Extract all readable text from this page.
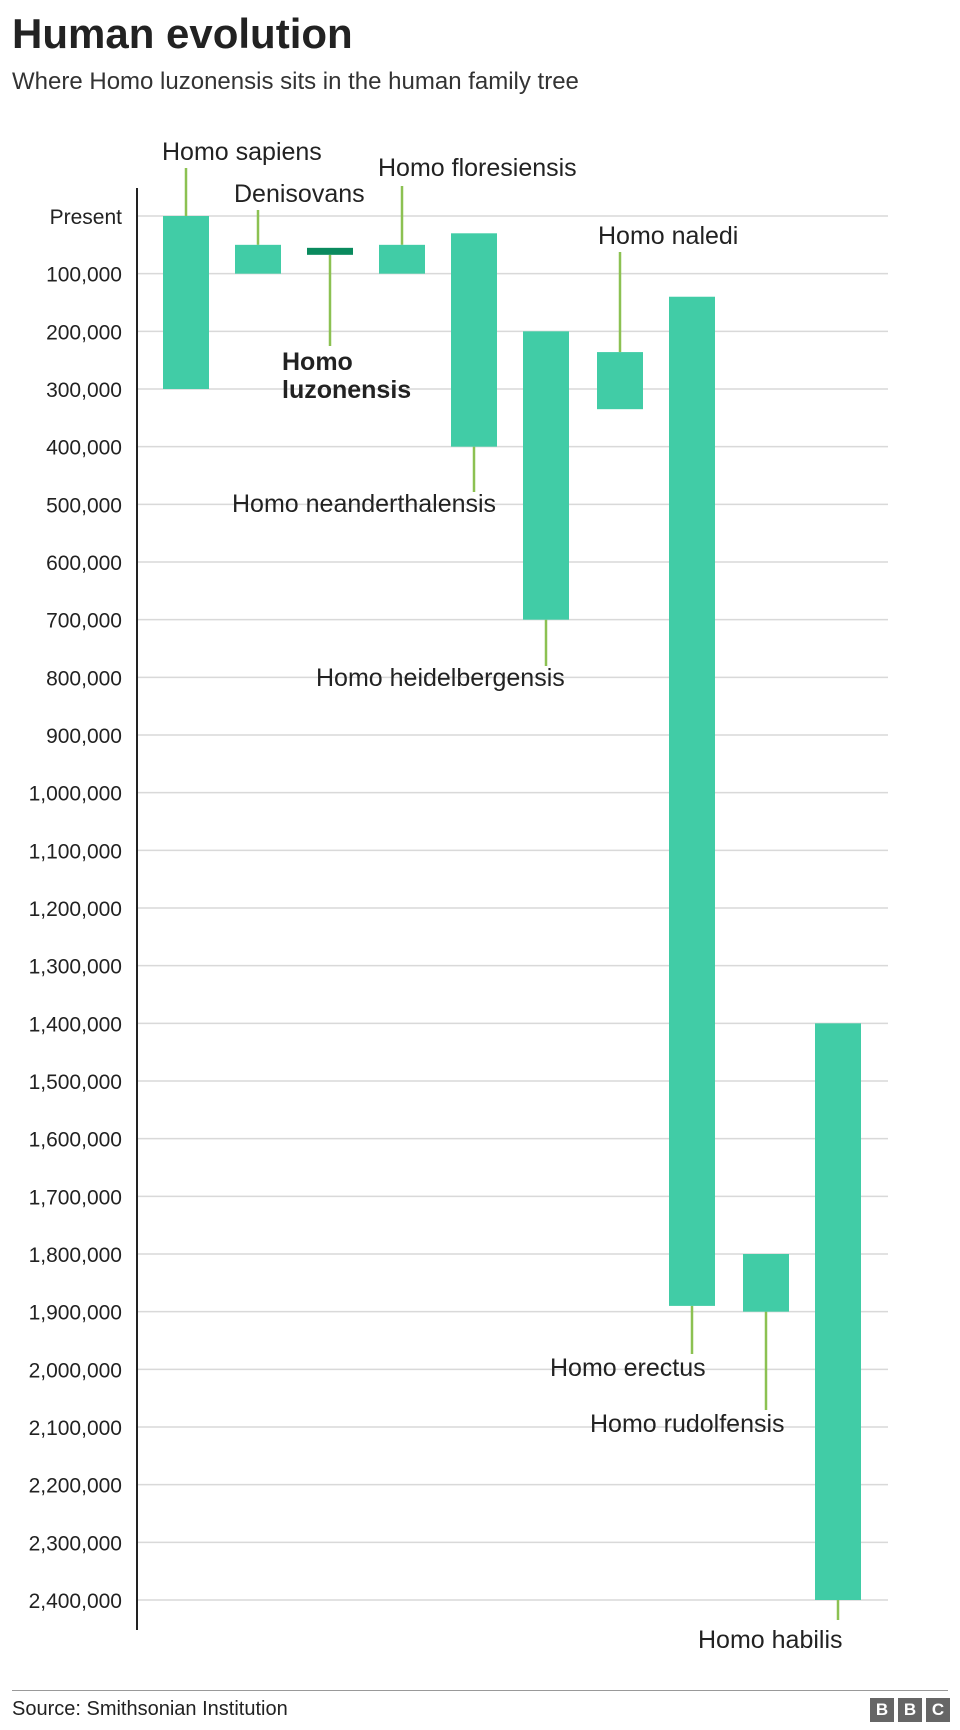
Human evolution

Where Homo luzonensis sits in the human family tree

Present
100,000
200,000
300,000
400,000
500,000
600,000
700,000
800,000
900,000
1,000,000
1,100,000
1,200,000
1,300,000
1,400,000
1,500,000
1,600,000
1,700,000
1,800,000
1,900,000
2,000,000
2,100,000
2,200,000
2,300,000
2,400,000
Homo sapiens
Denisovans
Homo luzonensis
Homo floresiensis
Homo neanderthalensis
Homo heidelbergensis
Homo naledi
Homo erectus
Homo rudolfensis
Homo habilis
Source: Smithsonian Institution	B B C
